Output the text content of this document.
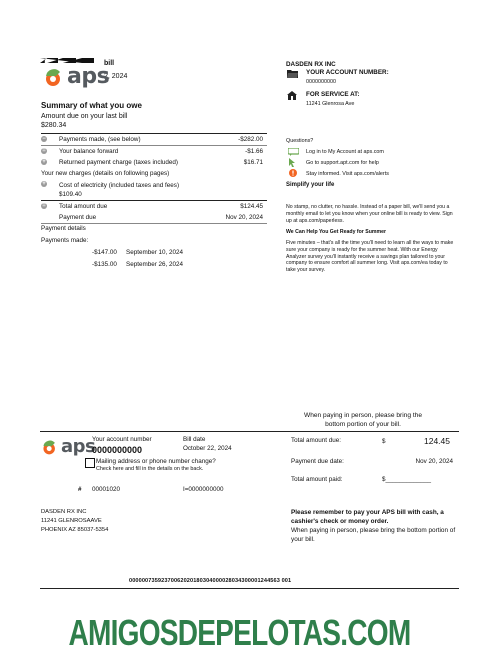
bill
2, 2024
aps	DASDEN RX INC
YOUR ACCOUNT NUMBER:
0000000000
FOR SERVICE AT:
11241 Glenrosa Ave
Summary of what you owe
Amount due on your last bill
$280.34
− Payments made, (see below)	-$282.00
= Your balance forward	-$1.66
+ Returned payment charge (taxes included)	$16.71
Your new charges (details on following pages)
+ Cost of electricity (included taxes and fees)
$109.40
= Total amount due	$124.45
Payment due	Nov 20, 2024
Payment details
Payments made:
-$147.00 September 10, 2024
-$135.00 September 26, 2024
Questions?
Log in to My Account at aps.com
Go to support.apt.com for help
Stay informed. Visit aps.com/alerts
Simplify your life
No stamp, no clutter, no hassle. Instead of a paper bill, we'll send you a monthly email to let you know when your online bill is ready to view. Sign up at aps.com/paperless.
We Can Help You Get Ready for Summer
Five minutes – that's all the time you'll need to learn all the ways to make sure your company is ready for the summer heat. With our Energy Analyzer survey you'll instantly receive a savings plan tailored to your company to ensure comfort all summer long. Visit aps.com/ea today to take your survey.
When paying in person, please bring the bottom portion of your bill.
aps
Your account number
0000000000
Bill date
October 22, 2024
Mailing address or phone number change?
Check here and fill in the details on the back.
Total amount due:	$	124.45
Payment due date:	Nov 20, 2024
Total amount paid:	$_____________
# 00001020	I=0000000000
DASDEN RX INC
11241 GLENROSAAVE
PHOENIX AZ 85037-5354
Please remember to pay your APS bill with cash, a cashier's check or money order.
When paying in person, please bring the bottom portion of your bill.
00000073592370062020180304000028034300001244563 001
AMIGOSDEPELOTAS.COM
